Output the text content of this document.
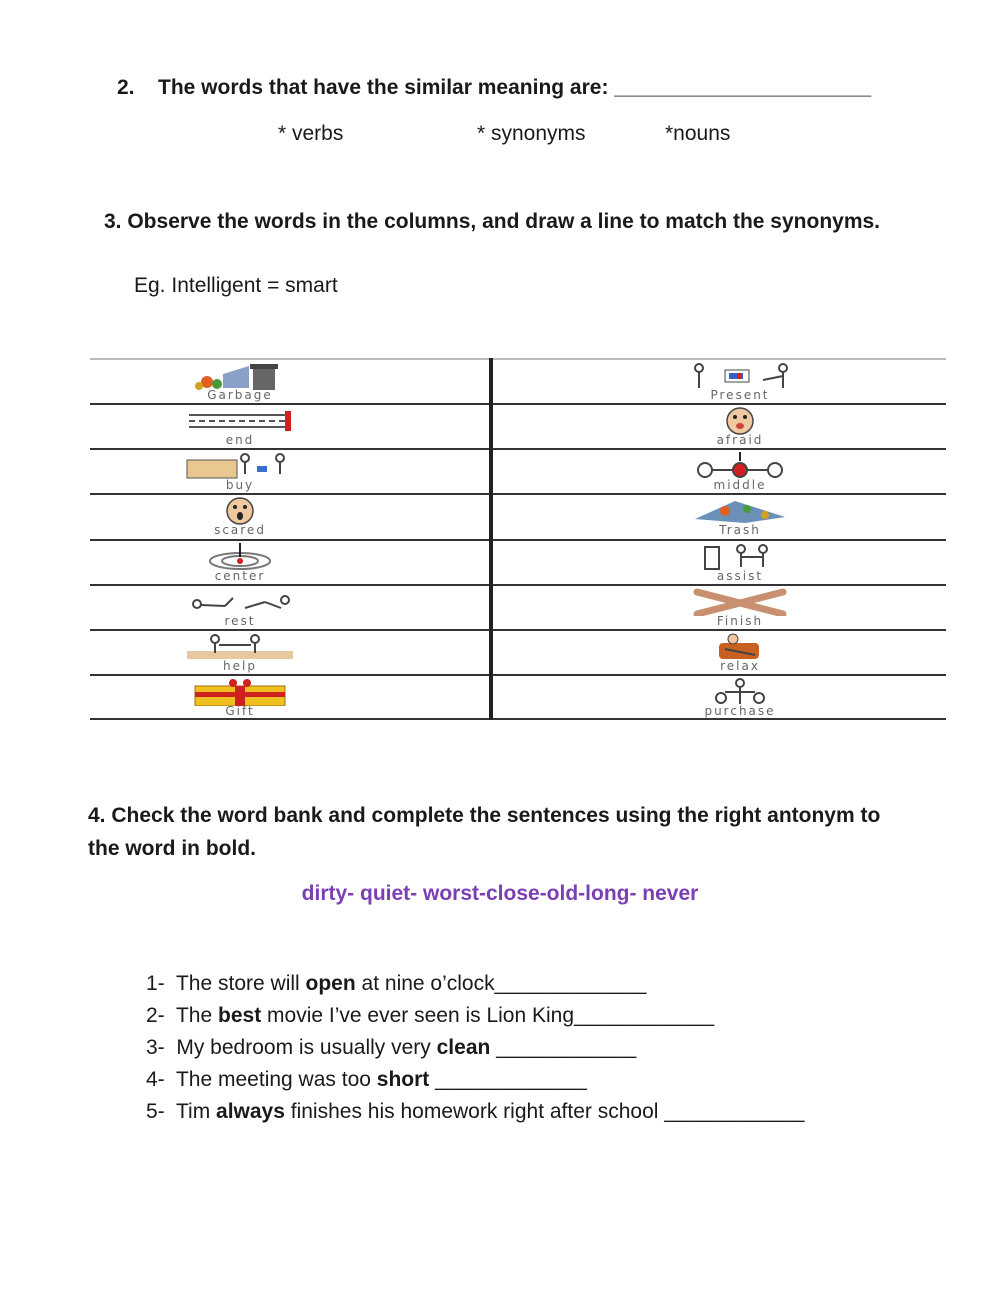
2. The words that have the similar meaning are: ______________________
* verbs	* synonyms	*nouns
3. Observe the words in the columns, and draw a line to match the synonyms.
Eg. Intelligent = smart
Garbage
end
buy
scared
center
rest
help
Gift
Present
afraid
middle
Trash
assist
Finish
relax
purchase
4. Check the word bank and complete the sentences using the right antonym to
the word in bold.
dirty- quiet- worst-close-old-long- never
1- The store will open at nine o’clock_____________
2- The best movie I’ve ever seen is Lion King____________
3- My bedroom is usually very clean ____________
4- The meeting was too short _____________
5- Tim always finishes his homework right after school ____________
